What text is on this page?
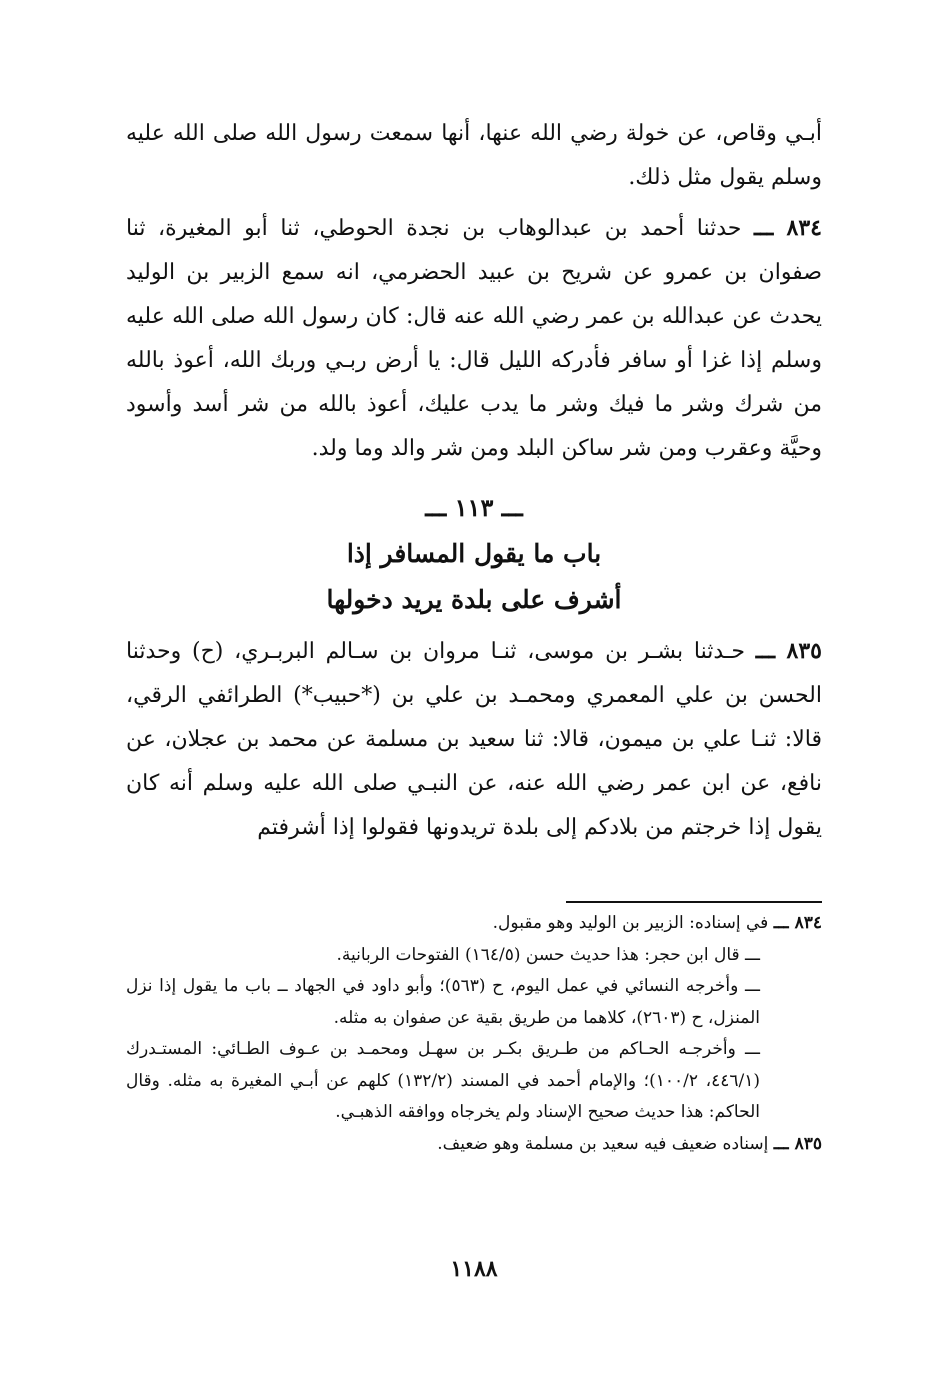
أبـي وقاص، عن خولة رضي الله عنها، أنها سمعت رسول الله صلى الله عليه وسلم يقول مثل ذلك.

٨٣٤ ـــ حدثنا أحمد بن عبدالوهاب بن نجدة الحوطي، ثنا أبو المغيرة، ثنا صفوان بن عمرو عن شريح بن عبيد الحضرمي، انه سمع الزبير بن الوليد يحدث عن عبدالله بن عمر رضي الله عنه قال: كان رسول الله صلى الله عليه وسلم إذا غزا أو سافر فأدركه الليل قال: يا أرض ربـي وربك الله، أعوذ بالله من شرك وشر ما فيك وشر ما يدب عليك، أعوذ بالله من شر أسد وأسود وحيَّة وعقرب ومن شر ساكن البلد ومن شر والد وما ولد.

ـــ ١١٣ ـــ
باب ما يقول المسافر إذا
أشرف على بلدة يريد دخولها

٨٣٥ ـــ حـدثنا بشـر بن موسى، ثنـا مروان بن سـالم البربـري، (ح) وحدثنا الحسن بن علي المعمري ومحمـد بن علي بن (*حبيب*) الطرائفي الرقي، قالا: ثنـا علي بن ميمون، قالا: ثنا سعيد بن مسلمة عن محمد بن عجلان، عن نافع، عن ابن عمر رضي الله عنه، عن النبـي صلى الله عليه وسلم أنه كان يقول إذا خرجتم من بلادكم إلى بلدة تريدونها فقولوا إذا أشرفتم

٨٣٤ ـــ في إسناده: الزبير بن الوليد وهو مقبول.

ـــ قال ابن حجر: هذا حديث حسن (١٦٤/٥) الفتوحات الربانية.

ـــ وأخرجه النسائي في عمل اليوم، ح (٥٦٣)؛ وأبو داود في الجهاد ــ باب ما يقول إذا نزل المنزل، ح (٢٦٠٣)، كلاهما من طريق بقية عن صفوان به مثله.

ـــ وأخرجـه الحـاكم من طـريق بكـر بن سهـل ومحمـد بن عـوف الطـائي: المستـدرك (٤٤٦/١، ١٠٠/٢)؛ والإمام أحمد في المسند (١٣٢/٢) كلهم عن أبـي المغيرة به مثله. وقال الحاكم: هذا حديث صحيح الإسناد ولم يخرجاه ووافقه الذهبـي.

٨٣٥ ـــ إسناده ضعيف فيه سعيد بن مسلمة وهو ضعيف.

١١٨٨
